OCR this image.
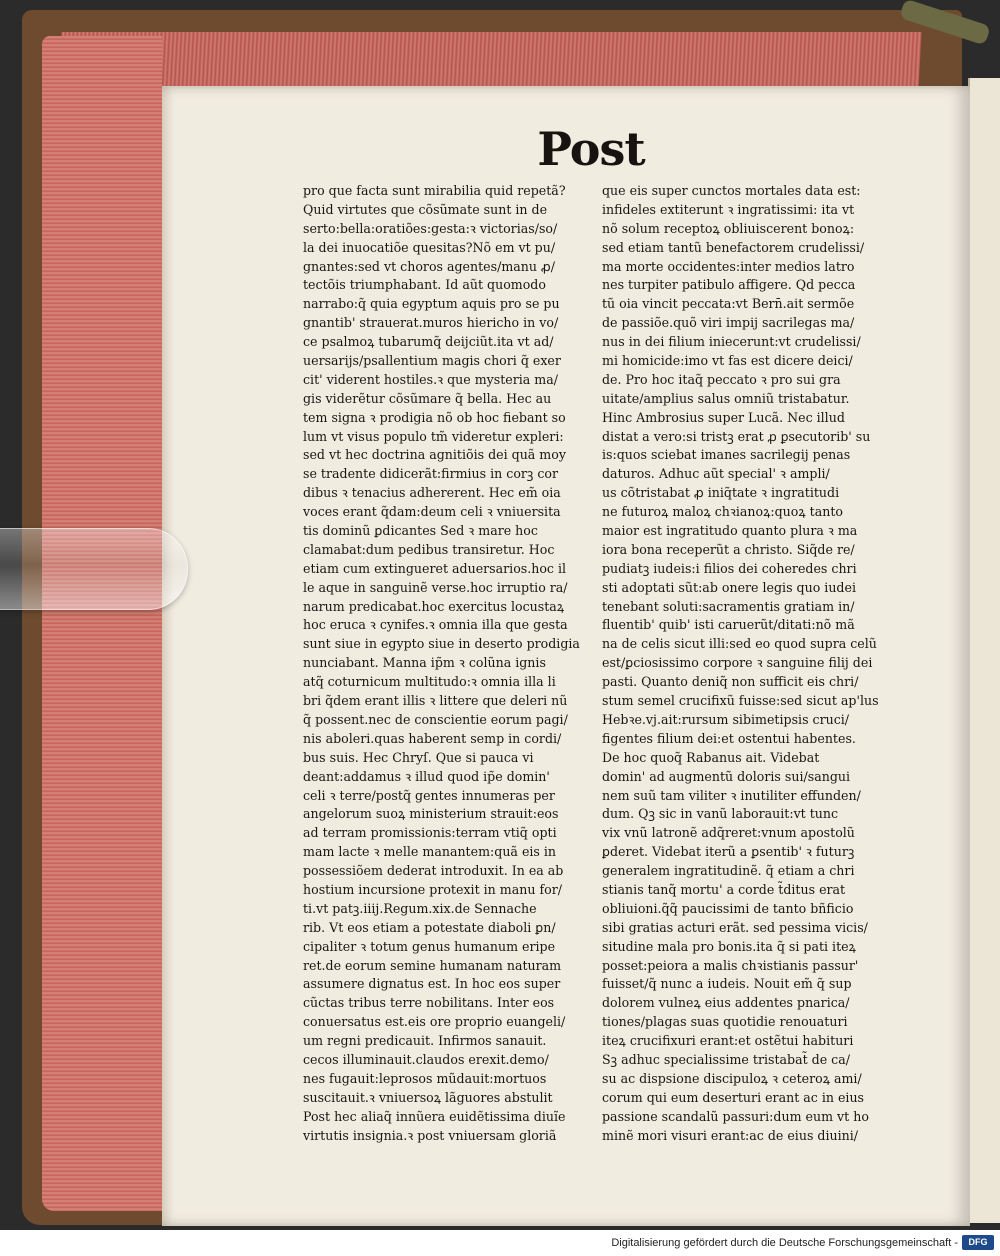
Post
pro que facta sunt mirabilia quid repetã?
Quid virtutes que cõsũmate sunt in de
serto:bella:oratiões:gesta:ꝛ victorias/so/
la dei inuocatiõe quesitas?Nõ em vt pu/
gnantes:sed vt choros agentes/manu ꝓ/
tectõis triumphabant. Id aũt quomodo
narrabo:q̃ quia egyptum aquis pro se pu
gnantib' strauerat.muros hiericho in vo/
ce psalmoꝝ tubarumq̃ deijciũt.ita vt ad/
uersarijs/psallentium magis chori q̃ exer
cit' viderent hostiles.ꝛ que mysteria ma/
gis viderẽtur cõsũmare q̃ bella. Hec au
tem signa ꝛ prodigia nõ ob hoc fiebant so
lum vt visus populo tm̃ videretur expleri:
sed vt hec doctrina agnitiõis dei quã moy
se tradente didicerãt:firmius in corꝫ cor
dibus ꝛ tenacius adhererent. Hec em̃ oia
voces erant q̃dam:deum celi ꝛ vniuersita
tis dominũ ꝑdicantes Sed ꝛ mare hoc
clamabat:dum pedibus transiretur. Hoc
etiam cum extingueret aduersarios.hoc il
le aque in sanguinẽ verse.hoc irruptio ra/
narum predicabat.hoc exercitus locustaꝝ
hoc eruca ꝛ cynifes.ꝛ omnia illa que gesta
sunt siue in egypto siue in deserto prodigia
nunciabant. Manna ip̃m ꝛ colũna ignis
atq̃ coturnicum multitudo:ꝛ omnia illa li
bri q̃dem erant illis ꝛ littere que deleri nũ
q̃ possent.nec de conscientie eorum pagi/
nis aboleri.quas haberent semp in cordi/
bus suis. Hec Chryſ. Que si pauca vi
deant:addamus ꝛ illud quod ip̃e domin'
celi ꝛ terre/postq̃ gentes innumeras per
angelorum suoꝝ ministerium strauit:eos
ad terram promissionis:terram vtiq̃ opti
mam lacte ꝛ melle manantem:quã eis in
possessiõem dederat introduxit. In ea ab
hostium incursione protexit in manu for/
ti.vt patꝫ.iiij.Regum.xix.de Sennache
rib. Vt eos etiam a potestate diaboli ꝑn/
cipaliter ꝛ totum genus humanum eripe
ret.de eorum semine humanam naturam
assumere dignatus est. In hoc eos super
cũctas tribus terre nobilitans. Inter eos
conuersatus est.eis ore proprio euangeli/
um regni predicauit. Infirmos sanauit.
cecos illuminauit.claudos erexit.demo/
nes fugauit:leprosos mũdauit:mortuos
suscitauit.ꝛ vniuersoꝝ lãguores abstulit
Post hec aliaq̃ innũera euidẽtissima diuĩe
virtutis insignia.ꝛ post vniuersam gloriã
que eis super cunctos mortales data est:
infideles extiterunt ꝛ ingratissimi: ita vt
nõ solum receptoꝝ obliuiscerent bonoꝝ:
sed etiam tantũ benefactorem crudelissi/
ma morte occidentes:inter medios latro
nes turpiter patibulo affigere. Qd pecca
tũ oia vincit peccata:vt Bern̄.ait sermõe
de passiõe.quõ viri impij sacrilegas ma/
nus in dei filium iniecerunt:vt crudelissi/
mi homicide:imo vt fas est dicere deici/
de. Pro hoc itaq̃ peccato ꝛ pro sui gra
uitate/amplius salus omniũ tristabatur.
Hinc Ambrosius super Lucã. Nec illud
distat a vero:si tristꝫ erat ꝓ ꝑsecutorib' su
is:quos sciebat imanes sacrilegij penas
daturos. Adhuc aũt special' ꝛ ampli/
us cõtristabat ꝓ iniq̃tate ꝛ ingratitudi
ne futuroꝝ maloꝝ chꝛianoꝝ:quoꝝ tanto
maior est ingratitudo quanto plura ꝛ ma
iora bona receperũt a christo. Siq̃de re/
pudiatꝫ iudeis:i filios dei coheredes chri
sti adoptati sũt:ab onere legis quo iudei
tenebant soluti:sacramentis gratiam in/
fluentib' quib' isti caruerũt/ditati:nõ mã
na de celis sicut illi:sed eo quod supra celũ
est/ꝑciosissimo corpore ꝛ sanguine filij dei
pasti. Quanto deniq̃ non sufficit eis chri/
stum semel crucifixũ fuisse:sed sicut ap'lus
Hebꝛe.vj.ait:rursum sibimetipsis cruci/
figentes filium dei:et ostentui habentes.
De hoc quoq̃ Rabanus ait. Videbat
domin' ad augmentũ doloris sui/sangui
nem suũ tam viliter ꝛ inutiliter effunden/
dum. Qꝫ sic in vanũ laborauit:vt tunc
vix vnũ latronẽ adq̃reret:vnum apostolũ
ꝑderet. Videbat iterũ a ꝑsentib' ꝛ futurꝫ
generalem ingratitudinẽ. q̃ etiam a chri
stianis tanq̃ mortu' a corde t̃ditus erat
obliuioni.q̃q̃ paucissimi de tanto bñficio
sibi gratias acturi erãt. sed pessima vicis/
situdine mala pro bonis.ita q̃ si pati iteꝝ
posset:peiora a malis chꝛistianis passur'
fuisset/q̃ nunc a iudeis. Nouit em̃ q̃ sup
dolorem vulneꝝ eius addentes pnarica/
tiones/plagas suas quotidie renouaturi
iteꝝ crucifixuri erant:et ostẽtui habituri
Sꝫ adhuc specialissime tristabat̃ de ca/
su ac dispsione discipuloꝝ ꝛ ceteroꝝ ami/
corum qui eum deserturi erant ac in eius
passione scandalũ passuri:dum eum vt ho
minẽ mori visuri erant:ac de eius diuini/
Digitalisierung gefördert durch die Deutsche Forschungsgemeinschaft -	DFG
